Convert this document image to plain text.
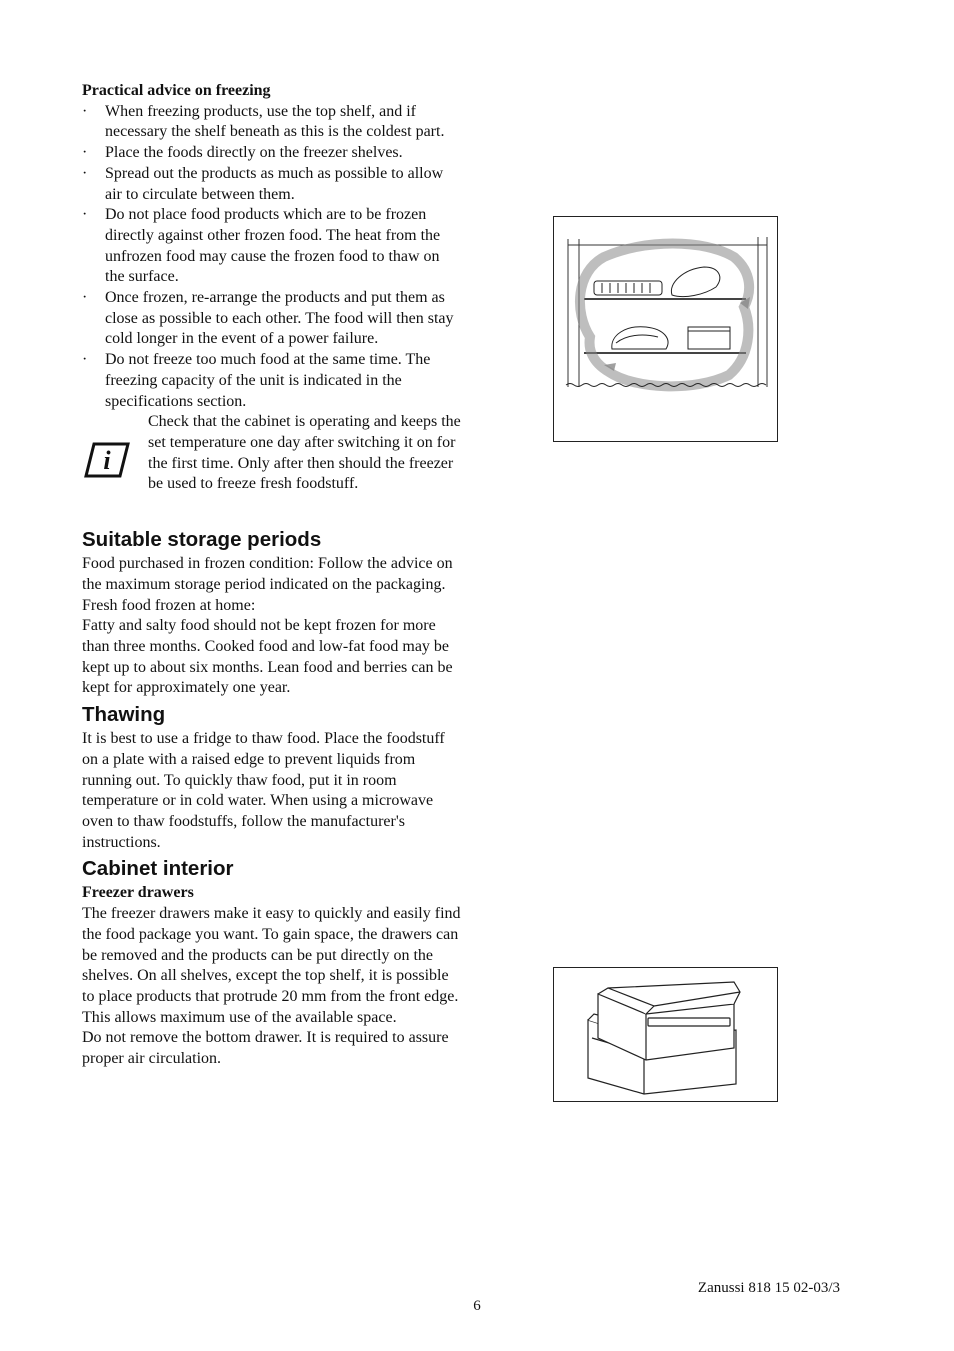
Practical advice on freezing

· When freezing products, use the top shelf, and if necessary the shelf beneath as this is the coldest part.
· Place the foods directly on the freezer shelves.
· Spread out the products as much as possible to allow air to circulate between them.
· Do not place food products which are to be frozen directly against other frozen food. The heat from the unfrozen food may cause the frozen food to thaw on the surface.
· Once frozen, re-arrange the products and put them as close as possible to each other. The food will then stay cold longer in the event of a power failure.
· Do not freeze too much food at the same time. The freezing capacity of the unit is indicated in the specifications section.
i
Check that the cabinet is operating and keeps the set temperature one day after switching it on for the first time. Only after then should the freezer be used to freeze fresh foodstuff.
Suitable storage periods

Food purchased in frozen condition: Follow the advice on the maximum storage period indicated on the packaging.

Fresh food frozen at home:

Fatty and salty food should not be kept frozen for more than three months. Cooked food and low-fat food may be kept up to about six months. Lean food and berries can be kept for approximately one year.

Thawing

It is best to use a fridge to thaw food. Place the foodstuff on a plate with a raised edge to prevent liquids from running out. To quickly thaw food, put it in room temperature or in cold water. When using a microwave oven to thaw foodstuffs, follow the manufacturer's instructions.

Cabinet interior

Freezer drawers

The freezer drawers make it easy to quickly and easily find the food package you want. To gain space, the drawers can be removed and the products can be put directly on the shelves. On all shelves, except the top shelf, it is possible to place products that protrude 20 mm from the front edge. This allows maximum use of the available space.

Do not remove the bottom drawer. It is required to assure proper air circulation.

Zanussi 818 15 02-03/3
6
